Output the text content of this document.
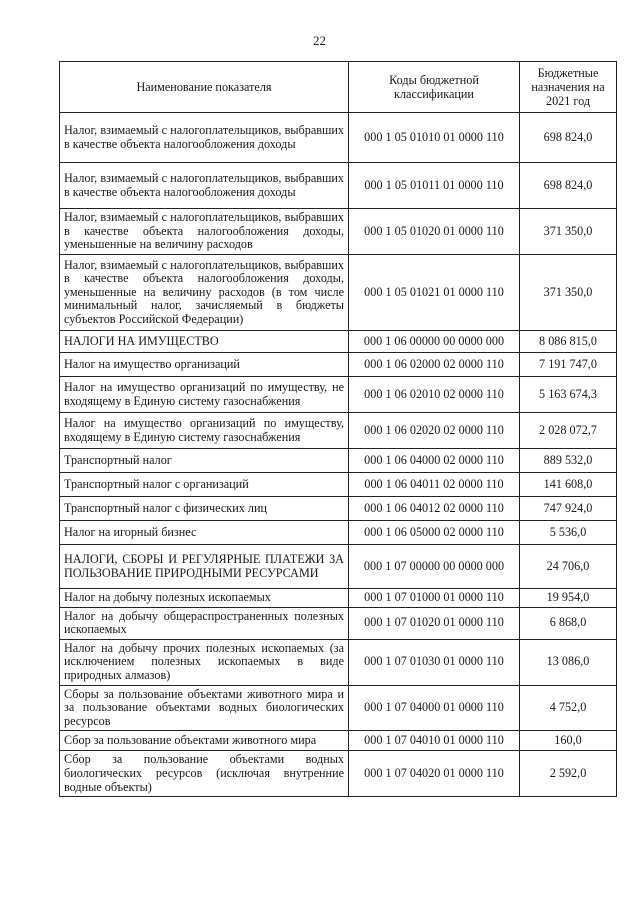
22
Наименование показателя	Коды бюджетной классификации	Бюджетные назначения на 2021 год
Налог, взимаемый с налогоплательщиков, выбравших в качестве объекта налогообложения доходы	000 1 05 01010 01 0000 110	698 824,0
Налог, взимаемый с налогоплательщиков, выбравших в качестве объекта налогообложения доходы	000 1 05 01011 01 0000 110	698 824,0
Налог, взимаемый с налогоплательщиков, выбравших в качестве объекта налогообложения доходы, уменьшенные на величину расходов	000 1 05 01020 01 0000 110	371 350,0
Налог, взимаемый с налогоплательщиков, выбравших в качестве объекта налогообложения доходы, уменьшенные на величину расходов (в том числе минимальный налог, зачисляемый в бюджеты субъектов Российской Федерации)	000 1 05 01021 01 0000 110	371 350,0
НАЛОГИ НА ИМУЩЕСТВО	000 1 06 00000 00 0000 000	8 086 815,0
Налог на имущество организаций	000 1 06 02000 02 0000 110	7 191 747,0
Налог на имущество организаций по имуществу, не входящему в Единую систему газоснабжения	000 1 06 02010 02 0000 110	5 163 674,3
Налог на имущество организаций по имуществу, входящему в Единую систему газоснабжения	000 1 06 02020 02 0000 110	2 028 072,7
Транспортный налог	000 1 06 04000 02 0000 110	889 532,0
Транспортный налог с организаций	000 1 06 04011 02 0000 110	141 608,0
Транспортный налог с физических лиц	000 1 06 04012 02 0000 110	747 924,0
Налог на игорный бизнес	000 1 06 05000 02 0000 110	5 536,0
НАЛОГИ, СБОРЫ И РЕГУЛЯРНЫЕ ПЛАТЕЖИ ЗА ПОЛЬЗОВАНИЕ ПРИРОДНЫМИ РЕСУРСАМИ	000 1 07 00000 00 0000 000	24 706,0
Налог на добычу полезных ископаемых	000 1 07 01000 01 0000 110	19 954,0
Налог на добычу общераспространенных полезных ископаемых	000 1 07 01020 01 0000 110	6 868,0
Налог на добычу прочих полезных ископаемых (за исключением полезных ископаемых в виде природных алмазов)	000 1 07 01030 01 0000 110	13 086,0
Сборы за пользование объектами животного мира и за пользование объектами водных биологических ресурсов	000 1 07 04000 01 0000 110	4 752,0
Сбор за пользование объектами животного мира	000 1 07 04010 01 0000 110	160,0
Сбор за пользование объектами водных биологических ресурсов (исключая внутренние водные объекты)	000 1 07 04020 01 0000 110	2 592,0
